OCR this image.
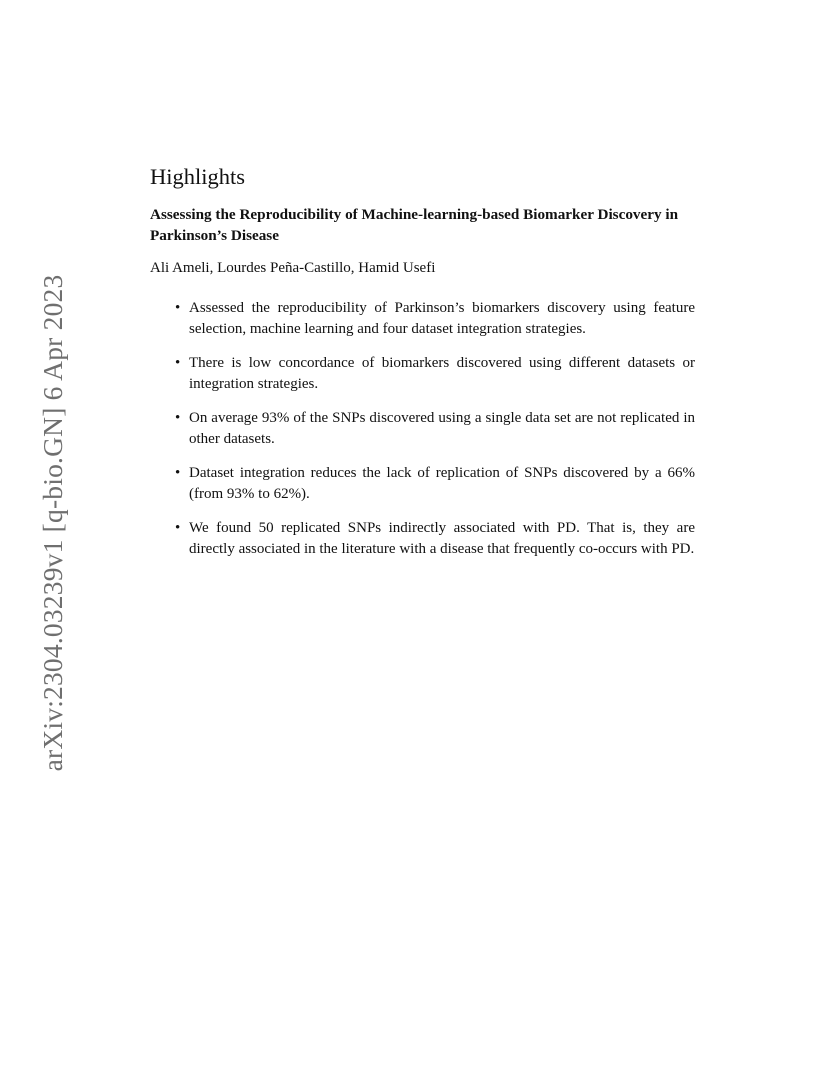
arXiv:2304.03239v1 [q-bio.GN] 6 Apr 2023
Highlights

Assessing the Reproducibility of Machine-learning-based Biomarker Discovery in Parkinson’s Disease

Ali Ameli, Lourdes Peña-Castillo, Hamid Usefi

• Assessed the reproducibility of Parkinson’s biomarkers discovery using feature selection, machine learning and four dataset integration strategies.
• There is low concordance of biomarkers discovered using different datasets or integration strategies.
• On average 93% of the SNPs discovered using a single data set are not replicated in other datasets.
• Dataset integration reduces the lack of replication of SNPs discovered by a 66% (from 93% to 62%).
• We found 50 replicated SNPs indirectly associated with PD. That is, they are directly associated in the literature with a disease that frequently co-occurs with PD.
